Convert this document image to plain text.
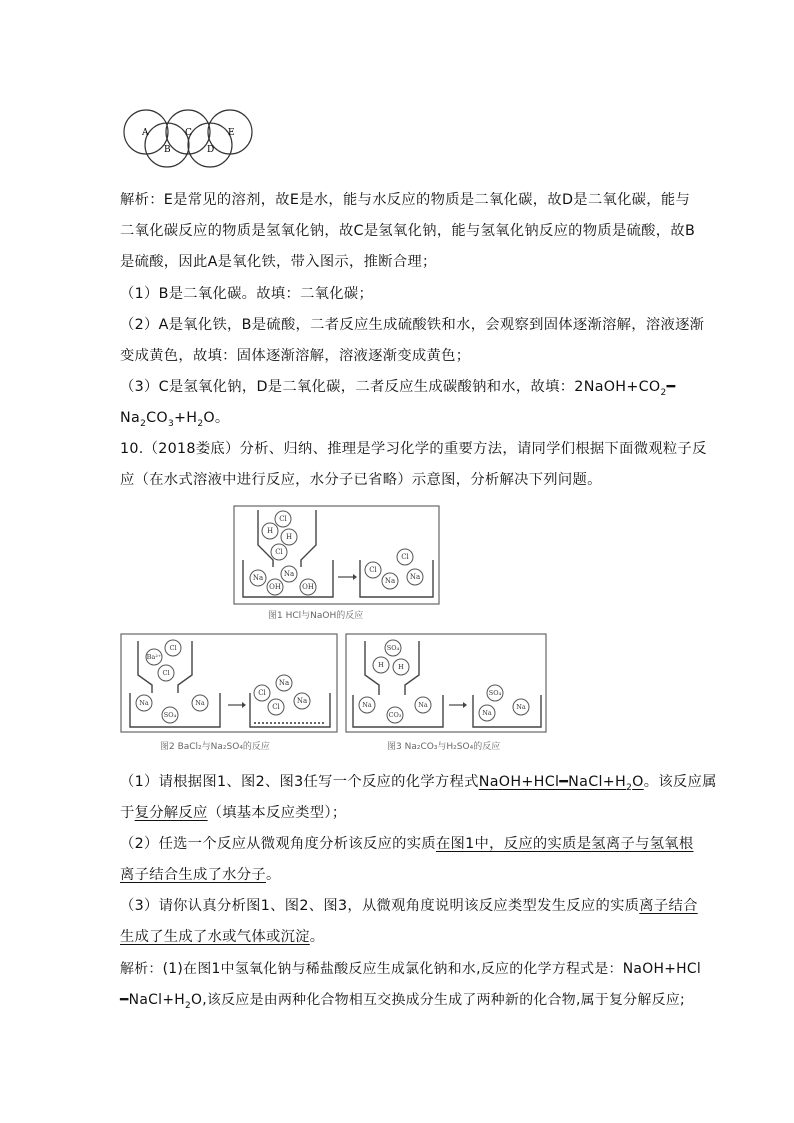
A
B
C
D
E
解析：E是常见的溶剂，故E是水，能与水反应的物质是二氧化碳，故D是二氧化碳，能与
二氧化碳反应的物质是氢氧化钠，故C是氢氧化钠，能与氢氧化钠反应的物质是硫酸，故B
是硫酸，因此A是氧化铁，带入图示，推断合理；
（1）B是二氧化碳。故填：二氧化碳；
（2）A是氧化铁，B是硫酸，二者反应生成硫酸铁和水，会观察到固体逐渐溶解，溶液逐渐
变成黄色，故填：固体逐渐溶解，溶液逐渐变成黄色；
（3）C是氢氧化钠，D是二氧化碳，二者反应生成碳酸钠和水，故填：$2NaOH+CO_2━$
$Na_2CO_3+H_2O$。
10.（2018娄底）分析、归纳、推理是学习化学的重要方法，请同学们根据下面微观粒子反
应（在水式溶液中进行反应，水分子已省略）示意图，分析解决下列问题。
Cl
H
Cl
H
Na	Na
OH	OH
Cl
Cl
Na Na
图1 HCl与NaOH的反应
Ba²⁺
Cl
Cl
Na	Na
SO₄
Cl
Na
Cl
Na
图2 BaCl₂与Na₂SO₄的反应
SO₄
H H
Na	Na
CO₃
SO₄
Na
Na
图3 Na₂CO₃与H₂SO₄的反应
（1）请根据图1、图2、图3任写一个反应的化学方程式$NaOH+HCl━NaCl+H_2O$。该反应属
于复分解反应（填基本反应类型）；
（2）任选一个反应从微观角度分析该反应的实质在图1中，反应的实质是氢离子与氢氧根
离子结合生成了水分子。
（3）请你认真分析图1、图2、图3，从微观角度说明该反应类型发生反应的实质离子结合
生成了生成了水或气体或沉淀。
解析：(1)在图1中氢氧化钠与稀盐酸反应生成氯化钠和水,反应的化学方程式是：NaOH+HCl
$━NaCl+H_2O$,该反应是由两种化合物相互交换成分生成了两种新的化合物,属于复分解反应;
